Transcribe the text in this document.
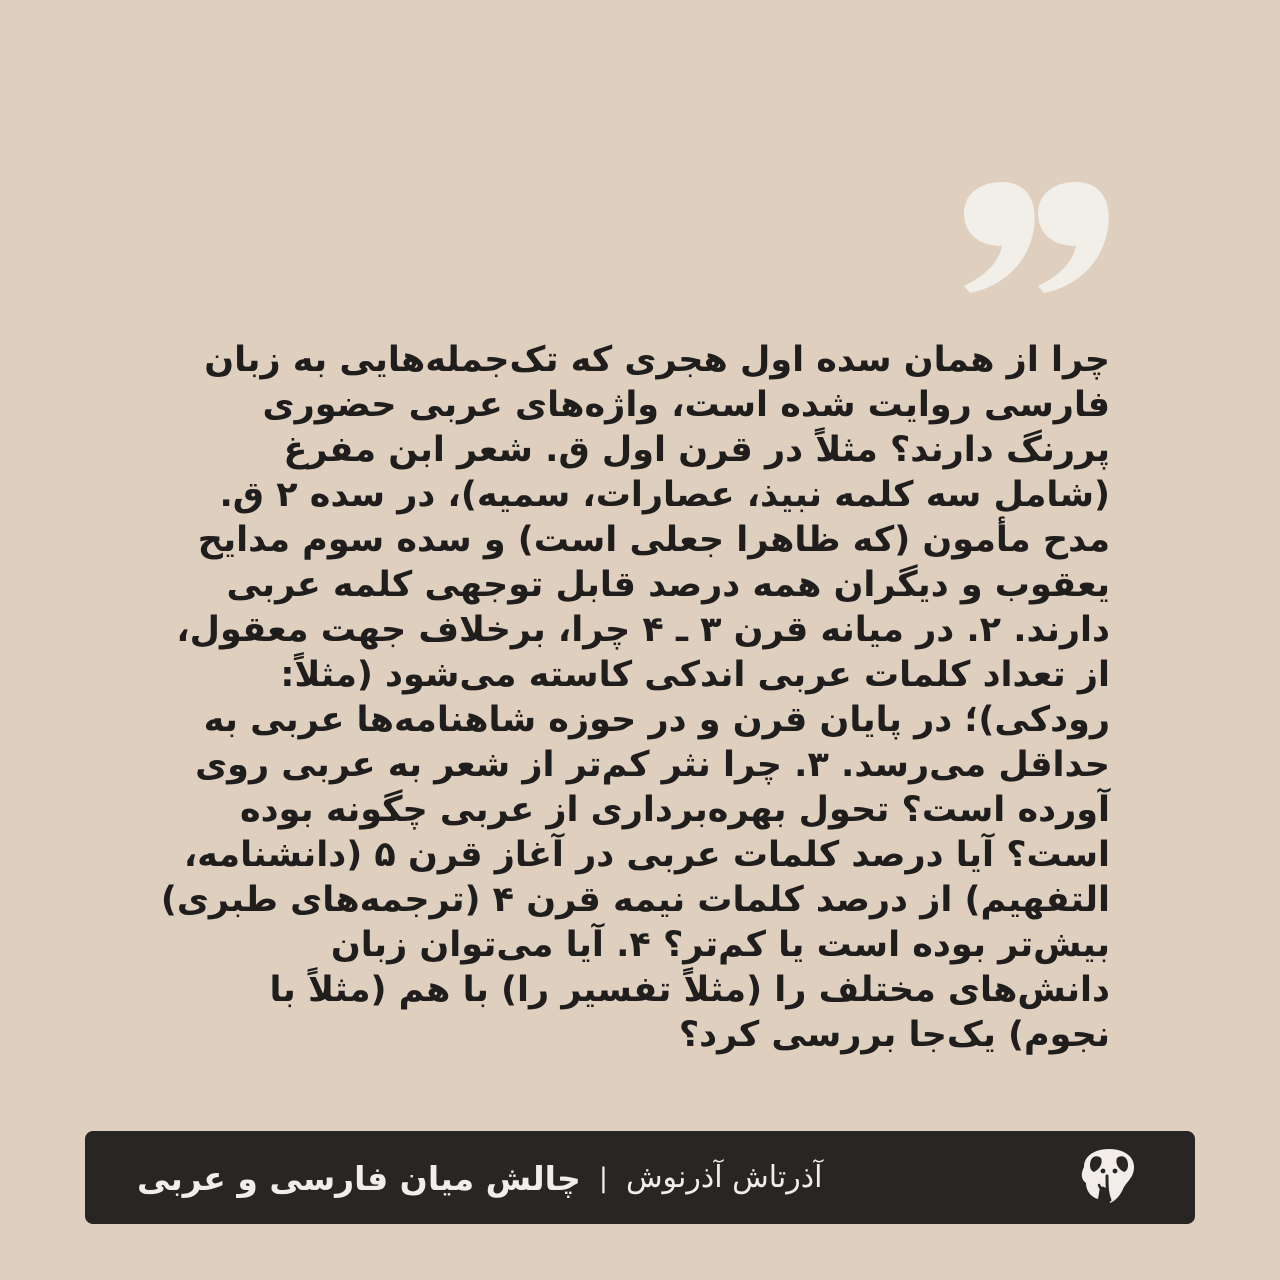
چرا از همان سده اول هجری که تک‌جمله‌هایی به زبان فارسی روایت شده است، واژه‌های عربی حضوری پررنگ دارند؟ مثلاً در قرن اول ق. شعر ابن مفرغ (شامل سه کلمه نبیذ، عصارات، سمیه)، در سده ۲ ق. مدح مأمون (که ظاهرا جعلی است) و سده سوم مدایح یعقوب و دیگران همه درصد قابل توجهی کلمه عربی دارند. ۲. در میانه قرن ۳ ـ ۴ چرا، برخلاف جهت معقول، از تعداد کلمات عربی اندکی کاسته می‌شود (مثلاً: رودکی)؛ در پایان قرن و در حوزه شاهنامه‌ها عربی به حداقل می‌رسد. ۳. چرا نثر کم‌تر از شعر به عربی روی آورده است؟ تحول بهره‌برداری از عربی چگونه بوده است؟ آیا درصد کلمات عربی در آغاز قرن ۵ (دانشنامه، التفهیم) از درصد کلمات نیمه قرن ۴ (ترجمه‌های طبری) بیش‌تر بوده است یا کم‌تر؟ ۴. آیا می‌توان زبان دانش‌های مختلف را (مثلاً تفسیر را) با هم (مثلاً با نجوم) یک‌جا بررسی کرد؟
چالش میان فارسی و عربی | آذرتاش آذرنوش
